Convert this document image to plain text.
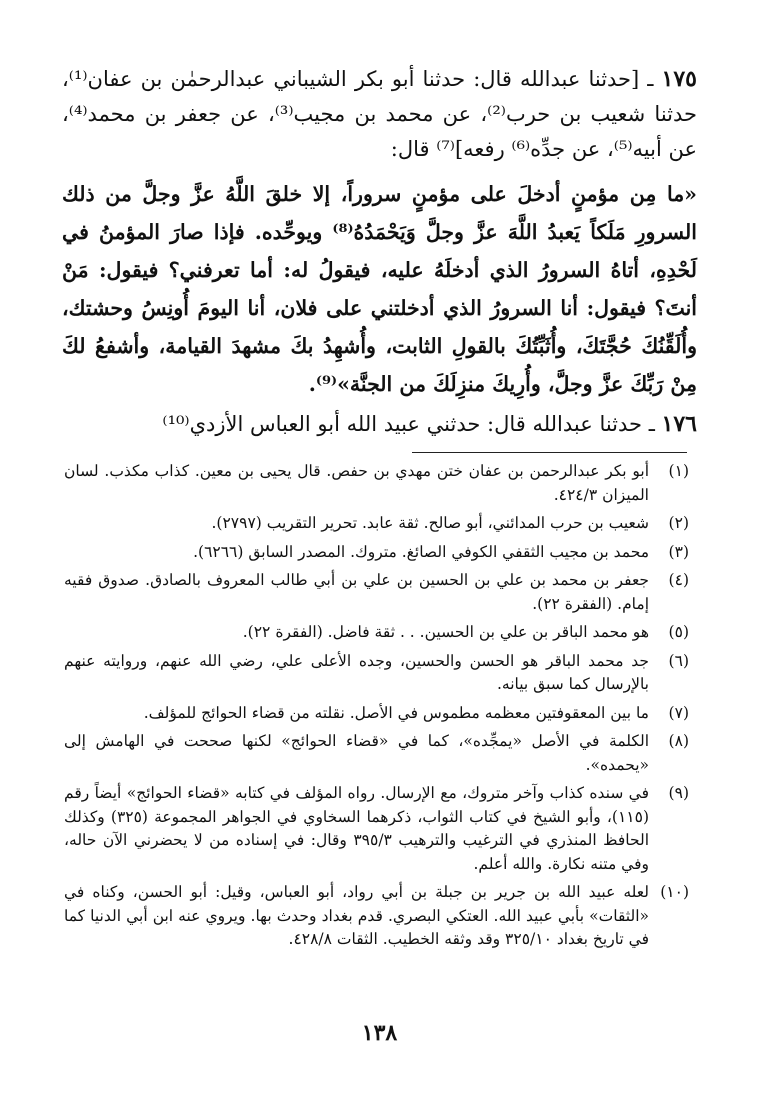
١٧٥ ـ [حدثنا عبدالله قال: حدثنا أبو بكر الشيباني عبدالرحمٰن بن عفان⁽¹⁾، حدثنا شعيب بن حرب⁽²⁾، عن محمد بن مجيب⁽³⁾، عن جعفر بن محمد⁽⁴⁾، عن أبيه⁽⁵⁾، عن جدِّه⁽⁶⁾ رفعه]⁽⁷⁾ قال:

«ما مِن مؤمنٍ أدخلَ على مؤمنٍ سروراً، إلا خلقَ اللَّهُ عزَّ وجلَّ من ذلك السرورِ مَلَكاً يَعبدُ اللَّهَ عزَّ وجلَّ وَيَحْمَدُهُ⁽⁸⁾ ويوحِّده. فإذا صارَ المؤمنُ في لَحْدِهِ، أتاهُ السرورُ الذي أدخلَهُ عليه، فيقولُ له: أما تعرفني؟ فيقول: مَنْ أنتَ؟ فيقول: أنا السرورُ الذي أدخلتني على فلان، أنا اليومَ أُونِسُ وحشتك، وأُلَقِّنُكَ حُجَّتَكَ، وأُثَبِّتُكَ بالقولِ الثابت، وأُشهِدُ بكَ مشهدَ القيامة، وأشفعُ لكَ مِنْ رَبِّكَ عزَّ وجلَّ، وأُرِيكَ منزِلَكَ من الجنَّة»⁽⁹⁾.

١٧٦ ـ حدثنا عبدالله قال: حدثني عبيد الله أبو العباس الأزدي⁽¹⁰⁾

(١)
أبو بكر عبدالرحمن بن عفان ختن مهدي بن حفص. قال يحيى بن معين. كذاب مكذب. لسان الميزان ٤٢٤/٣.
(٢)
شعيب بن حرب المدائني، أبو صالح. ثقة عابد. تحرير التقريب (٢٧٩٧).
(٣)
محمد بن مجيب الثقفي الكوفي الصائغ. متروك. المصدر السابق (٦٢٦٦).
(٤)
جعفر بن محمد بن علي بن الحسين بن علي بن أبي طالب المعروف بالصادق. صدوق فقيه إمام. (الفقرة ٢٢).
(٥)
هو محمد الباقر بن علي بن الحسين. . . ثقة فاضل. (الفقرة ٢٢).
(٦)
جد محمد الباقر هو الحسن والحسين، وجده الأعلى علي، رضي الله عنهم، وروايته عنهم بالإرسال كما سبق بيانه.
(٧)
ما بين المعقوفتين معظمه مطموس في الأصل. نقلته من قضاء الحوائج للمؤلف.
(٨)
الكلمة في الأصل «يمجِّده»، كما في «قضاء الحوائج» لكنها صححت في الهامش إلى «يحمده».
(٩)
في سنده كذاب وآخر متروك، مع الإرسال. رواه المؤلف في كتابه «قضاء الحوائج» أيضاً رقم (١١٥)، وأبو الشيخ في كتاب الثواب، ذكرهما السخاوي في الجواهر المجموعة (٣٢٥) وكذلك الحافظ المنذري في الترغيب والترهيب ٣٩٥/٣ وقال: في إسناده من لا يحضرني الآن حاله، وفي متنه نكارة. والله أعلم.
(١٠)
لعله عبيد الله بن جرير بن جبلة بن أبي رواد، أبو العباس، وقيل: أبو الحسن، وكناه في «الثقات» بأبي عبيد الله. العتكي البصري. قدم بغداد وحدث بها. ويروي عنه ابن أبي الدنيا كما في تاريخ بغداد ٣٢٥/١٠ وقد وثقه الخطيب. الثقات ٤٢٨/٨.
١٣٨
